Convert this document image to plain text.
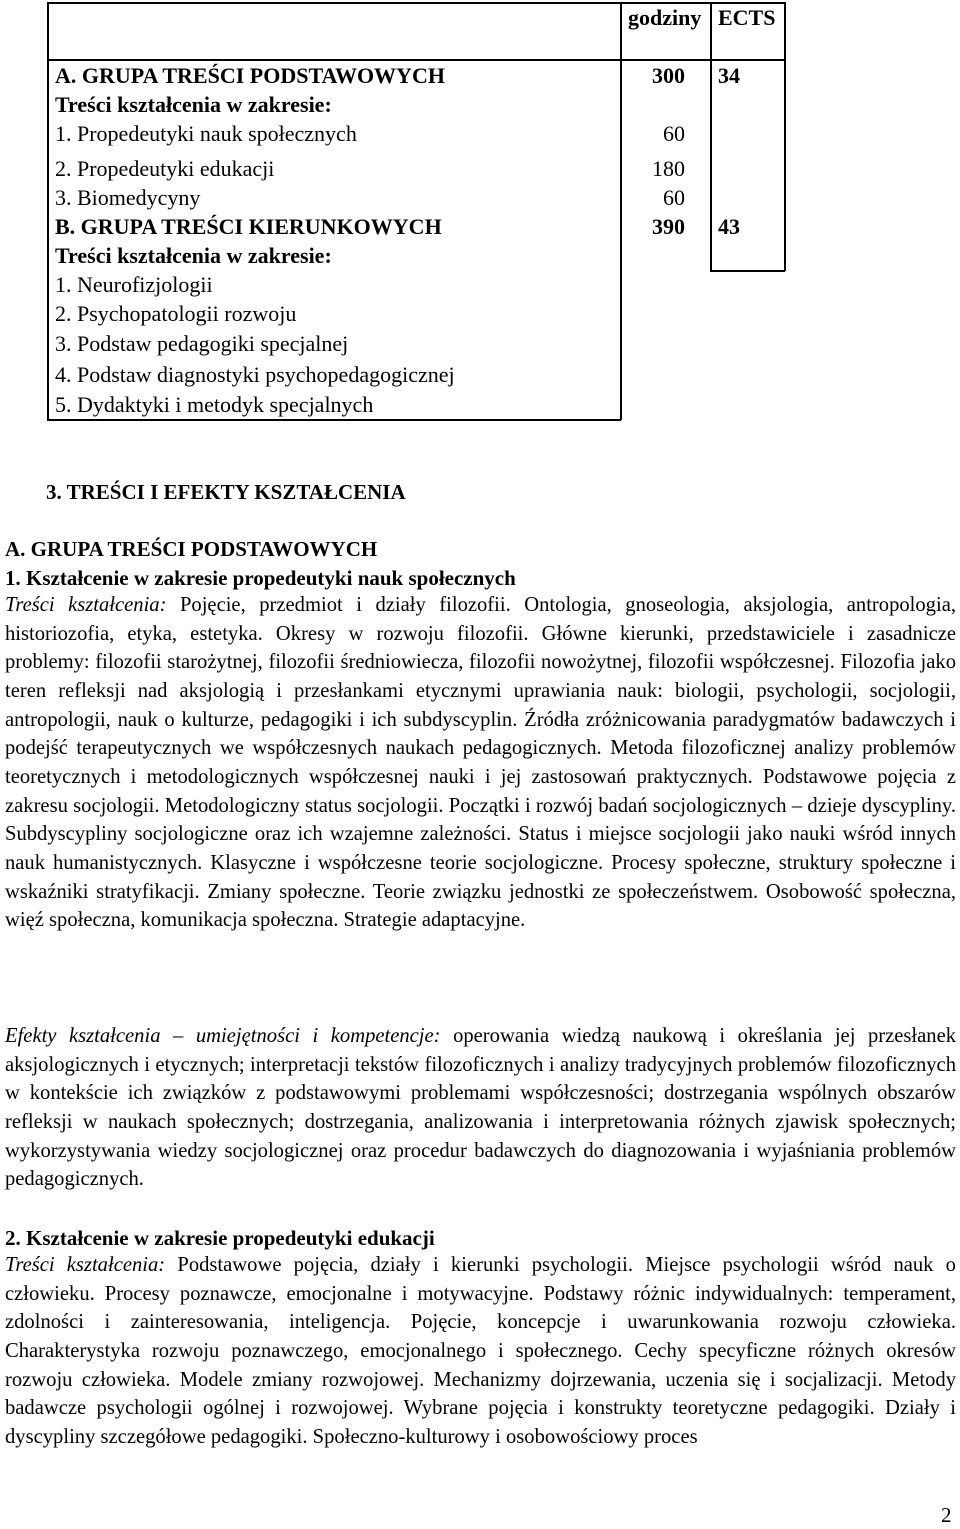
godziny ECTS
A. GRUPA TREŚCI PODSTAWOWYCH	300 34
Treści kształcenia w zakresie:
1. Propedeutyki nauk społecznych	60
2. Propedeutyki edukacji	180
3. Biomedycyny	60
B. GRUPA TREŚCI KIERUNKOWYCH	390 43
Treści kształcenia w zakresie:
1. Neurofizjologii
2. Psychopatologii rozwoju
3. Podstaw pedagogiki specjalnej
4. Podstaw diagnostyki psychopedagogicznej
5. Dydaktyki i metodyk specjalnych
3. TREŚCI I EFEKTY KSZTAŁCENIA
A. GRUPA TREŚCI PODSTAWOWYCH
1. Kształcenie w zakresie propedeutyki nauk społecznych
Treści kształcenia: Pojęcie, przedmiot i działy filozofii. Ontologia, gnoseologia, aksjologia, antropologia, historiozofia, etyka, estetyka. Okresy w rozwoju filozofii. Główne kierunki, przedstawiciele i zasadnicze problemy: filozofii starożytnej, filozofii średniowiecza, filozofii nowożytnej, filozofii współczesnej. Filozofia jako teren refleksji nad aksjologią i przesłankami etycznymi uprawiania nauk: biologii, psychologii, socjologii, antropologii, nauk o kulturze, pedagogiki i ich subdyscyplin. Źródła zróżnicowania paradygmatów badawczych i podejść terapeutycznych we współczesnych naukach pedagogicznych. Metoda filozoficznej analizy problemów teoretycznych i metodologicznych współczesnej nauki i jej zastosowań praktycznych. Podstawowe pojęcia z zakresu socjologii. Metodologiczny status socjologii. Początki i rozwój badań socjologicznych – dzieje dyscypliny. Subdyscypliny socjologiczne oraz ich wzajemne zależności. Status i miejsce socjologii jako nauki wśród innych nauk humanistycznych. Klasyczne i współczesne teorie socjologiczne. Procesy społeczne, struktury społeczne i wskaźniki stratyfikacji. Zmiany społeczne. Teorie związku jednostki ze społeczeństwem. Osobowość społeczna, więź społeczna, komunikacja społeczna. Strategie adaptacyjne.
Efekty kształcenia – umiejętności i kompetencje: operowania wiedzą naukową i określania jej przesłanek aksjologicznych i etycznych; interpretacji tekstów filozoficznych i analizy tradycyjnych problemów filozoficznych w kontekście ich związków z podstawowymi problemami współczesności; dostrzegania wspólnych obszarów refleksji w naukach społecznych; dostrzegania, analizowania i interpretowania różnych zjawisk społecznych; wykorzystywania wiedzy socjologicznej oraz procedur badawczych do diagnozowania i wyjaśniania problemów pedagogicznych.
2. Kształcenie w zakresie propedeutyki edukacji
Treści kształcenia: Podstawowe pojęcia, działy i kierunki psychologii. Miejsce psychologii wśród nauk o człowieku. Procesy poznawcze, emocjonalne i motywacyjne. Podstawy różnic indywidualnych: temperament, zdolności i zainteresowania, inteligencja. Pojęcie, koncepcje i uwarunkowania rozwoju człowieka. Charakterystyka rozwoju poznawczego, emocjonalnego i społecznego. Cechy specyficzne różnych okresów rozwoju człowieka. Modele zmiany rozwojowej. Mechanizmy dojrzewania, uczenia się i socjalizacji. Metody badawcze psychologii ogólnej i rozwojowej. Wybrane pojęcia i konstrukty teoretyczne pedagogiki. Działy i dyscypliny szczegółowe pedagogiki. Społeczno-kulturowy i osobowościowy proces
2
